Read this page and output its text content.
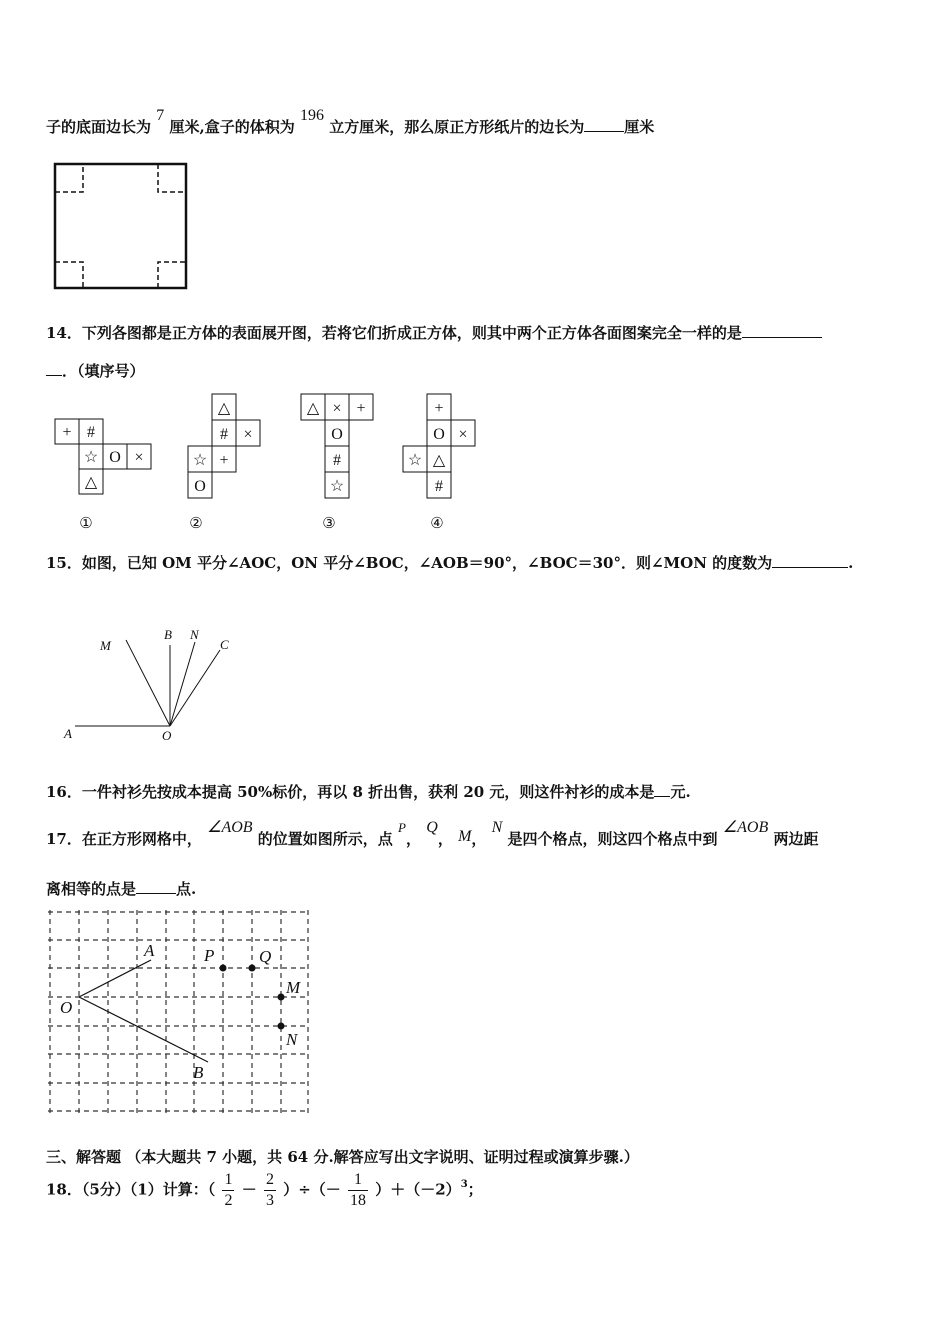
子的底面边长为 7 厘米,盒子的体积为 196 立方厘米，那么原正方形纸片的边长为	厘米
14．下列各图都是正方体的表面展开图，若将它们折成正方体，则其中两个正方体各面图案完全一样的是
．（填序号）
+ #
☆ O ×
△
△
# ×
☆ +
O
△ × +
O
#
☆
+
O ×
☆ △
#
①	②	③	④
15．如图，已知 OM 平分∠AOC，ON 平分∠BOC，∠AOB＝90°，∠BOC＝30°．则∠MON 的度数为	.
M
B N
C
A	O
16．一件衬衫先按成本提高 50%标价，再以 8 折出售，获利 20 元，则这件衬衫的成本是 元.
17．在正方形网格中， ∠AOB 的位置如图所示，点 P， Q， M， N 是四个格点，则这四个格点中到 ∠AOB 两边距
离相等的点是	点.
A
O
B
P	Q
M
N
三、解答题 （本大题共 7 小题，共 64 分.解答应写出文字说明、证明过程或演算步骤.）
18．（5分）（1）计算：（ $\frac{1}{2} - \frac{2}{3}$ ）÷（－ $\frac{1}{18} )+(-2)^3$；
